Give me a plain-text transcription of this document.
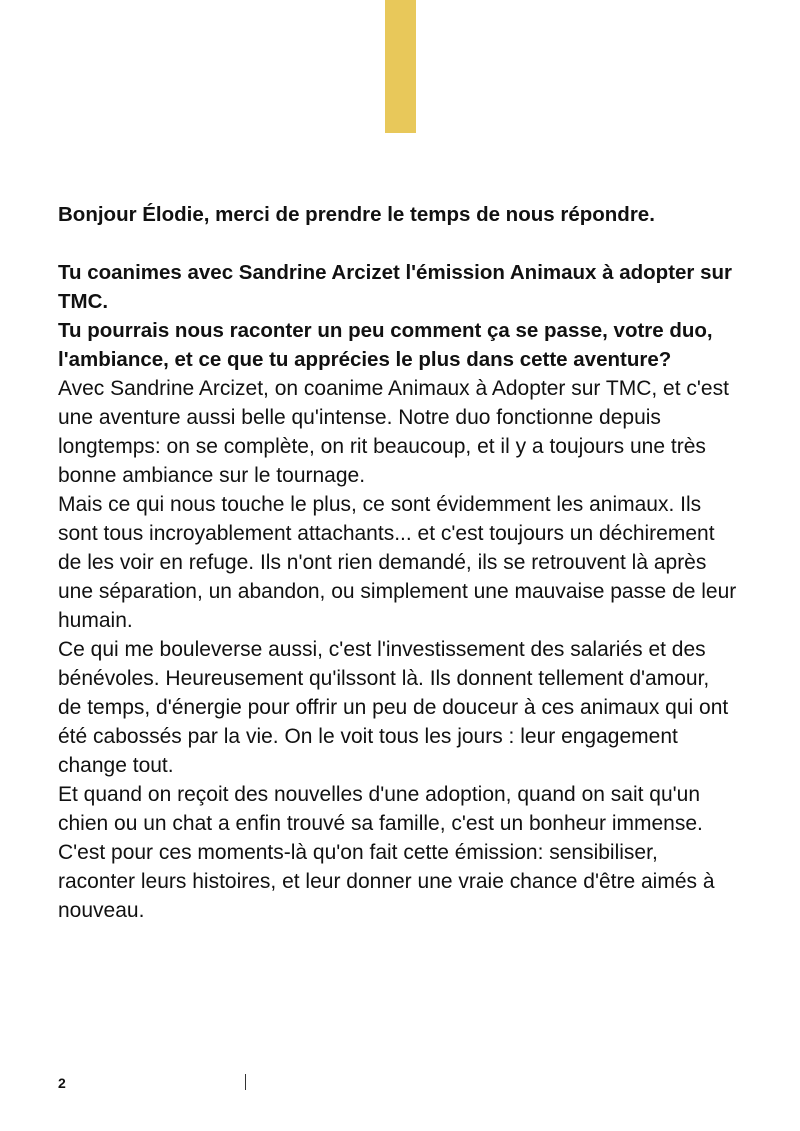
Bonjour Élodie, merci de prendre le temps de nous répondre.

Tu coanimes avec Sandrine Arcizet l'émission Animaux à adopter sur TMC.

Tu pourrais nous raconter un peu comment ça se passe, votre duo, l'ambiance, et ce que tu apprécies le plus dans cette aventure?

Avec Sandrine Arcizet, on coanime Animaux à Adopter sur TMC, et c'est une aventure aussi belle qu'intense. Notre duo fonctionne depuis longtemps: on se complète, on rit beaucoup, et il y a toujours une très bonne ambiance sur le tournage.

Mais ce qui nous touche le plus, ce sont évidemment les animaux. Ils sont tous incroyablement attachants... et c'est toujours un déchirement de les voir en refuge. Ils n'ont rien demandé, ils se retrouvent là après une séparation, un abandon, ou simplement une mauvaise passe de leur humain.

Ce qui me bouleverse aussi, c'est l'investissement des salariés et des bénévoles. Heureusement qu'ilssont là. Ils donnent tellement d'amour, de temps, d'énergie pour offrir un peu de douceur à ces animaux qui ont été cabossés par la vie. On le voit tous les jours : leur engagement change tout.

Et quand on reçoit des nouvelles d'une adoption, quand on sait qu'un chien ou un chat a enfin trouvé sa famille, c'est un bonheur immense. C'est pour ces moments-là qu'on fait cette émission: sensibiliser, raconter leurs histoires, et leur donner une vraie chance d'être aimés à nouveau.

2
